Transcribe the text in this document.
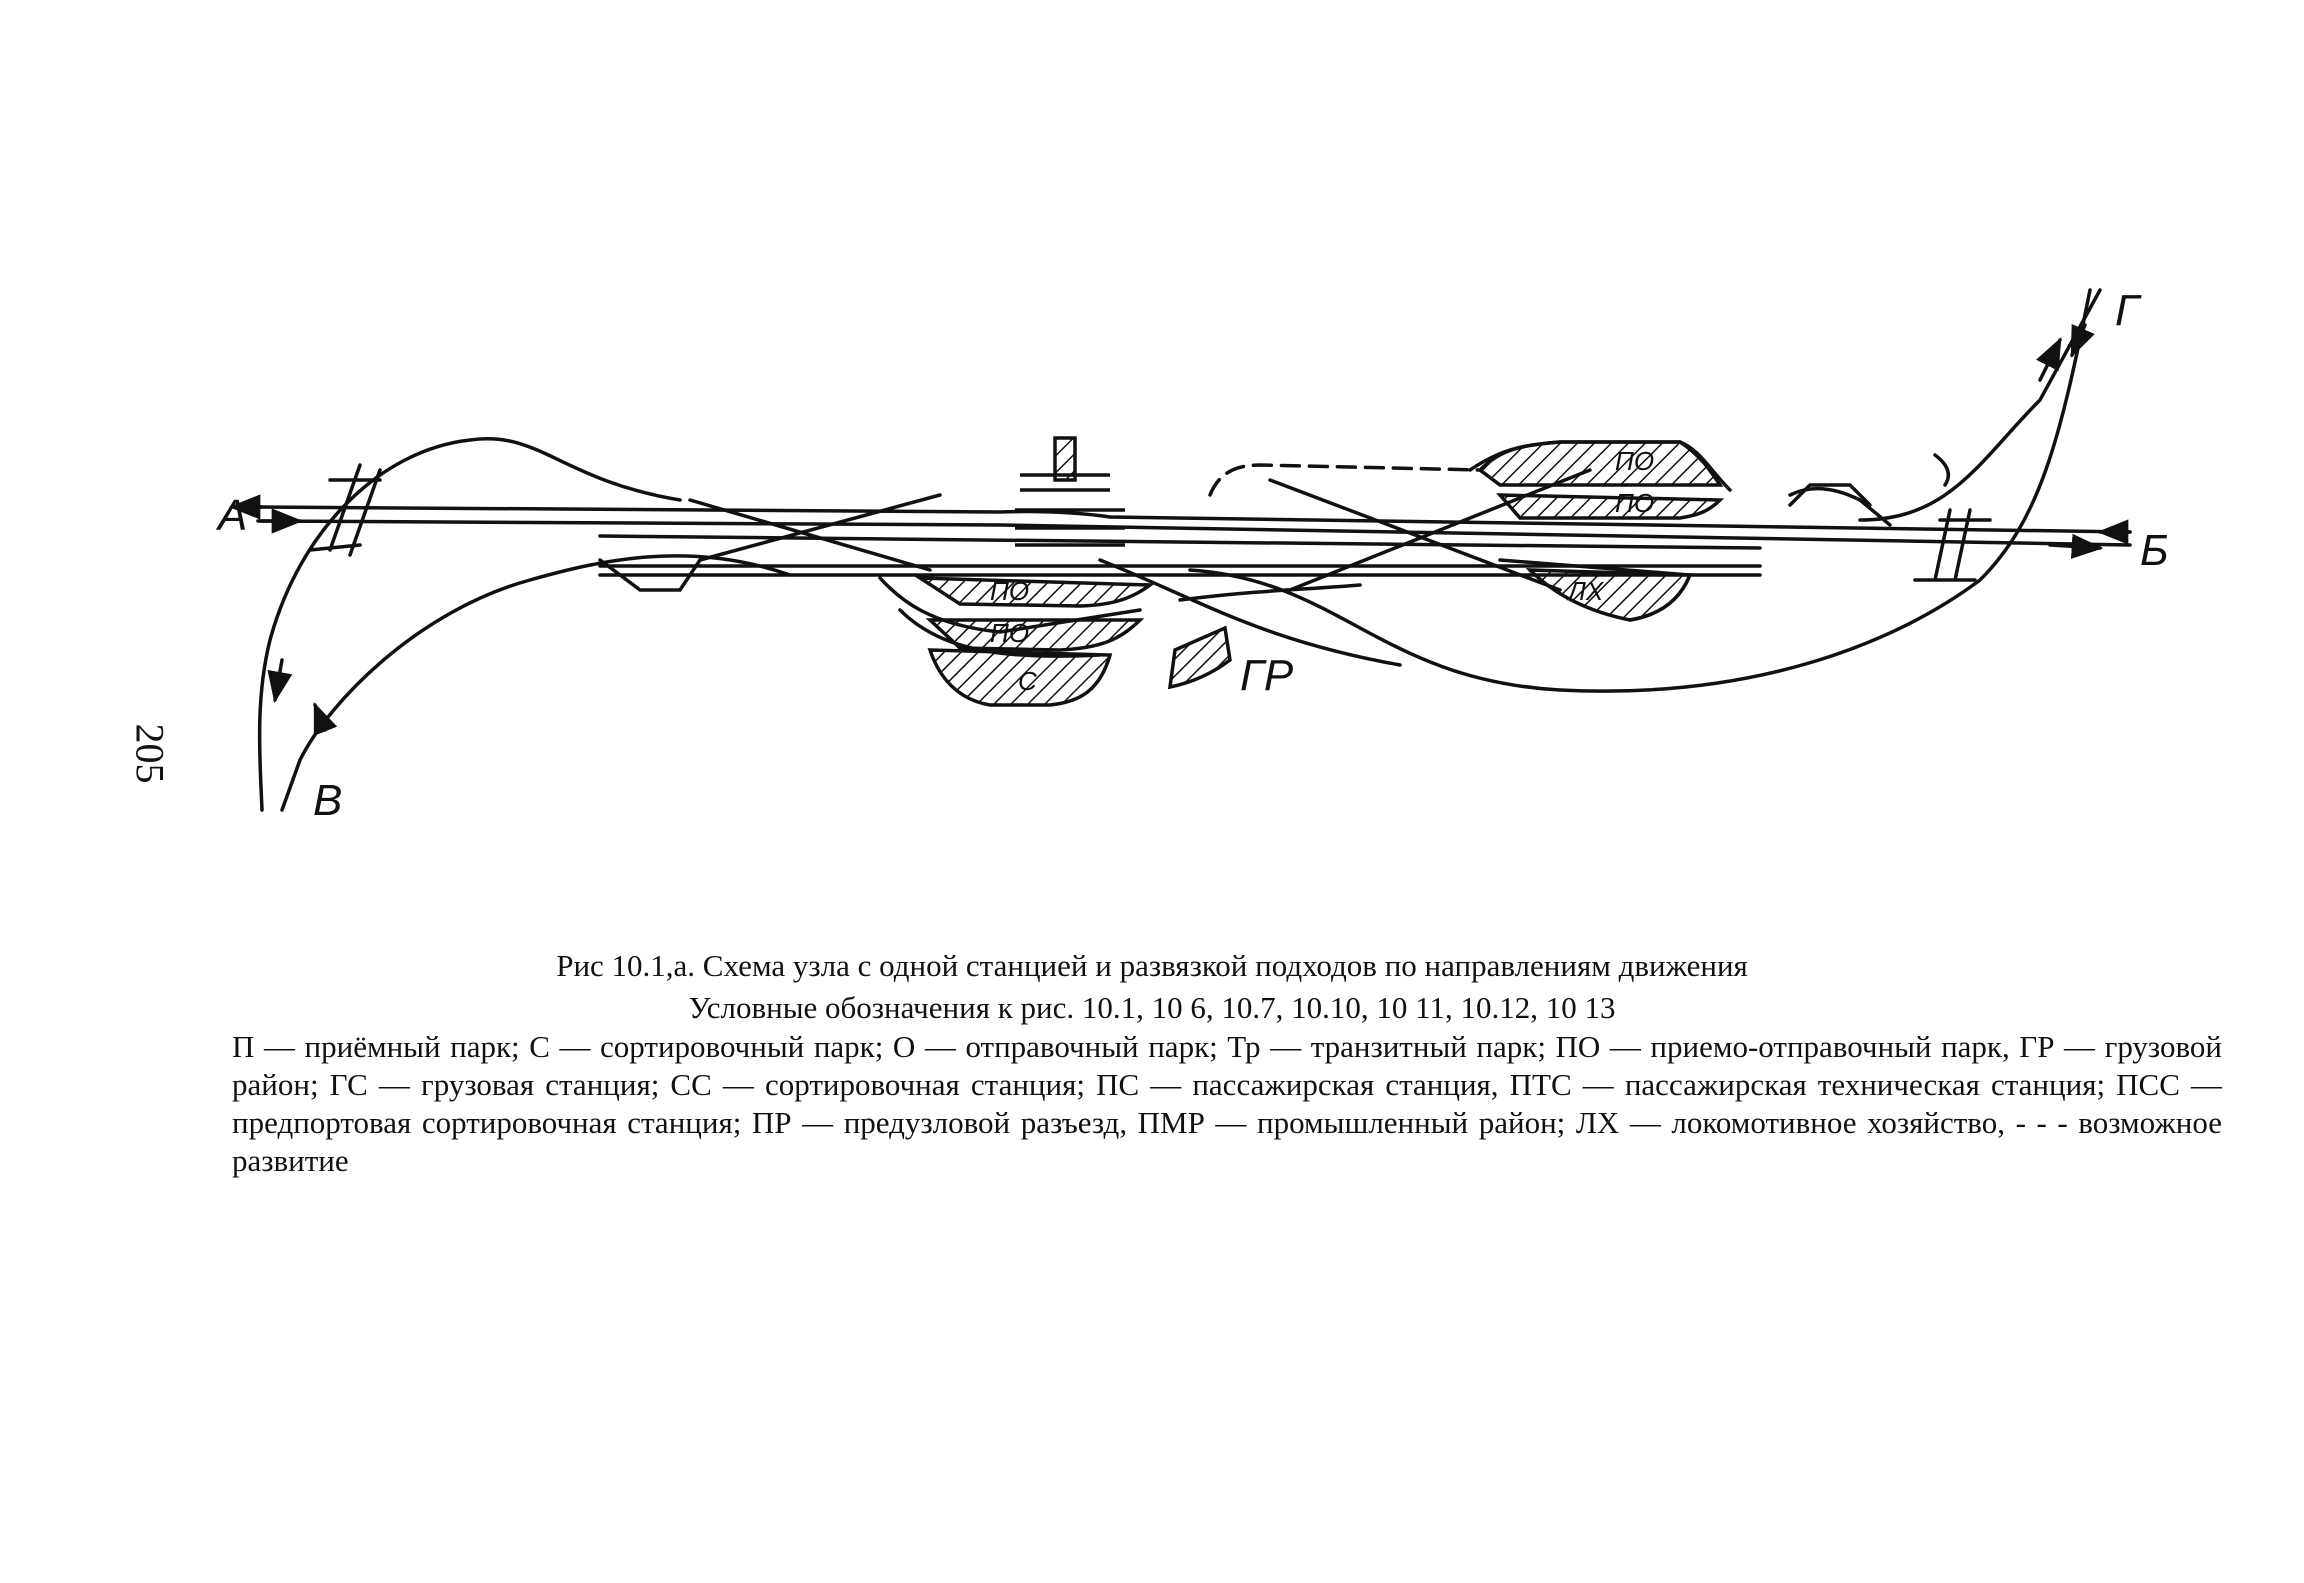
А
Б
В
Г
ПО
ПО
ЛХ
ПО
ПО
С	ГР
205
Рис 10.1,а. Схема узла с одной станцией и развязкой подходов по направлениям движения
Условные обозначения к рис. 10.1, 10 6, 10.7, 10.10, 10 11, 10.12, 10 13
П — приёмный парк; С — сортировочный парк; О — отправочный парк; Тр — транзитный парк; ПО — приемо-отправочный парк, ГР — грузовой район; ГС — грузовая станция; СС — сортировочная станция; ПС — пассажирская станция, ПТС — пассажирская техническая станция; ПСС — предпортовая сортировочная станция; ПР — предузловой разъезд, ПМР — промышленный район; ЛХ — локомотивное хозяйство, - - - возможное развитие
